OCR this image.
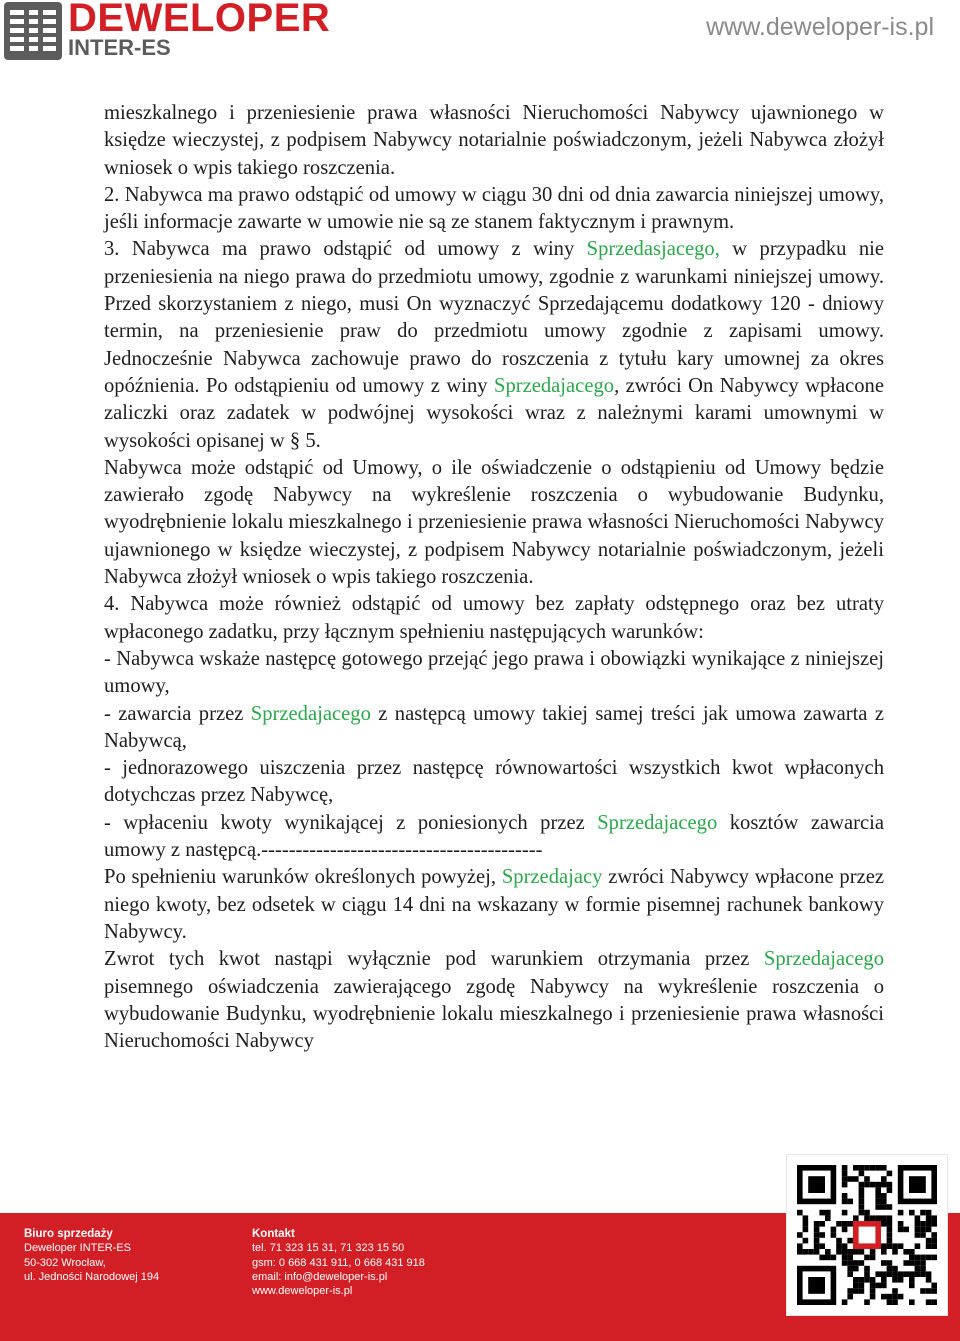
DEWELOPER
INTER-ES
www.deweloper-is.pl

mieszkalnego i przeniesienie prawa własności Nieruchomości Nabywcy ujawnionego w księdze wieczystej, z podpisem Nabywcy notarialnie poświadczonym, jeżeli Nabywca złożył wniosek o wpis takiego roszczenia.

2. Nabywca ma prawo odstąpić od umowy w ciągu 30 dni od dnia zawarcia niniejszej umowy, jeśli informacje zawarte w umowie nie są ze stanem faktycznym i prawnym.

3. Nabywca ma prawo odstąpić od umowy z winy Sprzedasjacego, w przypadku nie przeniesienia na niego prawa do przedmiotu umowy, zgodnie z warunkami niniejszej umowy. Przed skorzystaniem z niego, musi On wyznaczyć Sprzedającemu dodatkowy 120 - dniowy termin, na przeniesienie praw do przedmiotu umowy zgodnie z zapisami umowy. Jednocześnie Nabywca zachowuje prawo do roszczenia z tytułu kary umownej za okres opóźnienia. Po odstąpieniu od umowy z winy Sprzedajacego, zwróci On Nabywcy wpłacone zaliczki oraz zadatek w podwójnej wysokości wraz z należnymi karami umownymi w wysokości opisanej w § 5.

Nabywca może odstąpić od Umowy, o ile oświadczenie o odstąpieniu od Umowy będzie zawierało zgodę Nabywcy na wykreślenie roszczenia o wybudowanie Budynku, wyodrębnienie lokalu mieszkalnego i przeniesienie prawa własności Nieruchomości Nabywcy ujawnionego w księdze wieczystej, z podpisem Nabywcy notarialnie poświadczonym, jeżeli Nabywca złożył wniosek o wpis takiego roszczenia.

4. Nabywca może również odstąpić od umowy bez zapłaty odstępnego oraz bez utraty wpłaconego zadatku, przy łącznym spełnieniu następujących warunków:

- Nabywca wskaże następcę gotowego przejąć jego prawa i obowiązki wynikające z niniejszej umowy,

- zawarcia przez Sprzedajacego z następcą umowy takiej samej treści jak umowa zawarta z Nabywcą,

- jednorazowego uiszczenia przez następcę równowartości wszystkich kwot wpłaconych dotychczas przez Nabywcę,

- wpłaceniu kwoty wynikającej z poniesionych przez Sprzedajacego kosztów zawarcia umowy z następcą.-----------------------------------------

Po spełnieniu warunków określonych powyżej, Sprzedajacy zwróci Nabywcy wpłacone przez niego kwoty, bez odsetek w ciągu 14 dni na wskazany w formie pisemnej rachunek bankowy Nabywcy.

Zwrot tych kwot nastąpi wyłącznie pod warunkiem otrzymania przez Sprzedajacego pisemnego oświadczenia zawierającego zgodę Nabywcy na wykreślenie roszczenia o wybudowanie Budynku, wyodrębnienie lokalu mieszkalnego i przeniesienie prawa własności Nieruchomości Nabywcy

Biuro sprzedaży
Deweloper INTER-ES
50-302 Wrocław,
ul. Jedności Narodowej 194
Kontakt
tel. 71 323 15 31, 71 323 15 50
gsm: 0 668 431 911, 0 668 431 918
email: info@deweloper-is.pl
www.deweloper-is.pl
